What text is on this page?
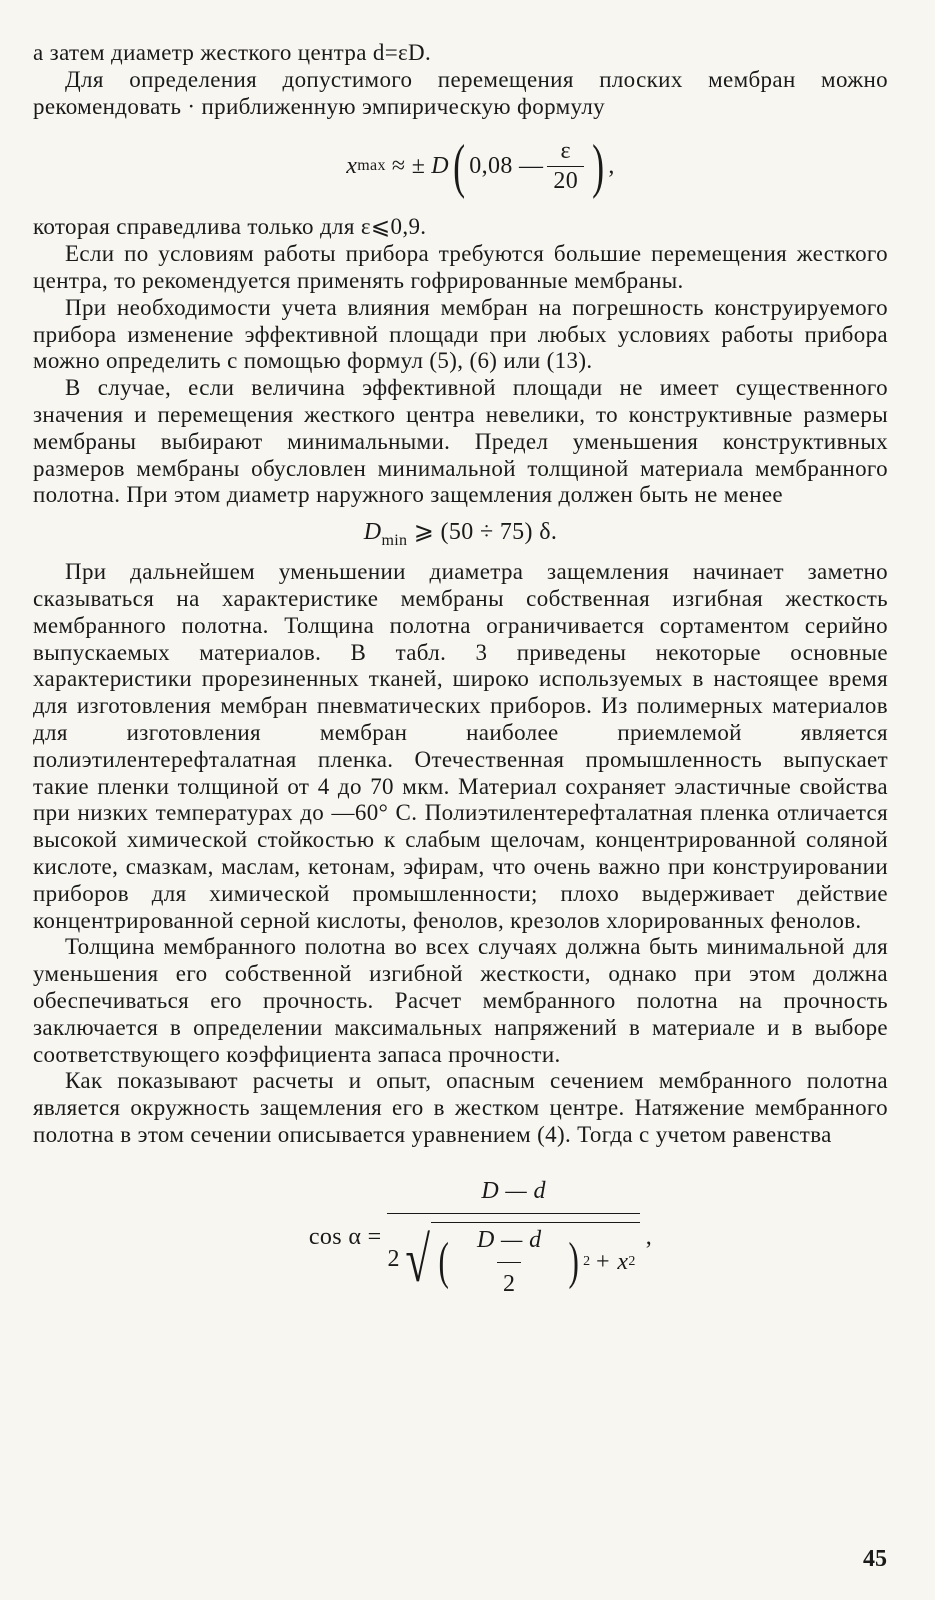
а затем диаметр жесткого центра d=εD.

Для определения допустимого перемещения плоских мембран можно рекомендовать · приближенную эмпирическую формулу

x max ≈ ± D ( 0,08 — $\frac{\varepsilon}{20}$ ) ,

которая справедлива только для ε⩽0,9.

Если по условиям работы прибора требуются большие перемещения жесткого центра, то рекомендуется применять гофрированные мембраны.

При необходимости учета влияния мембран на погрешность конструируемого прибора изменение эффективной площади при любых условиях работы прибора можно определить с помощью формул (5), (6) или (13).

В случае, если величина эффективной площади не имеет существенного значения и перемещения жесткого центра невелики, то конструктивные размеры мембраны выбирают минимальными. Предел уменьшения конструктивных размеров мембраны обусловлен минимальной толщиной материала мембранного полотна. При этом диаметр наружного защемления должен быть не менее

$D_{min}$ ⩾ (50 ÷ 75) δ.

При дальнейшем уменьшении диаметра защемления начинает заметно сказываться на характеристике мембраны собственная изгибная жесткость мембранного полотна. Толщина полотна ограничивается сортаментом серийно выпускаемых материалов. В табл. 3 приведены некоторые основные характеристики прорезиненных тканей, широко используемых в настоящее время для изготовления мембран пневматических приборов. Из полимерных материалов для изготовления мембран наиболее приемлемой является полиэтилентерефталатная пленка. Отечественная промышленность выпускает такие пленки толщиной от 4 до 70 мкм. Материал сохраняет эластичные свойства при низких температурах до —60° С. Полиэтилентерефталатная пленка отличается высокой химической стойкостью к слабым щелочам, концентрированной соляной кислоте, смазкам, маслам, кетонам, эфирам, что очень важно при конструировании приборов для химической промышленности; плохо выдерживает действие концентрированной серной кислоты, фенолов, крезолов хлорированных фенолов.

Толщина мембранного полотна во всех случаях должна быть минимальной для уменьшения его собственной изгибной жесткости, однако при этом должна обеспечиваться его прочность. Расчет мембранного полотна на прочность заключается в определении максимальных напряжений в материале и в выборе соответствующего коэффициента запаса прочности.

Как показывают расчеты и опыт, опасным сечением мембранного полотна является окружность защемления его в жестком центре. Натяжение мембранного полотна в этом сечении описывается уравнением (4). Тогда с учетом равенства

cos α =
D — d
2 √ ( $\frac{D — d}{2}$ ) 2 + x 2
,
45
